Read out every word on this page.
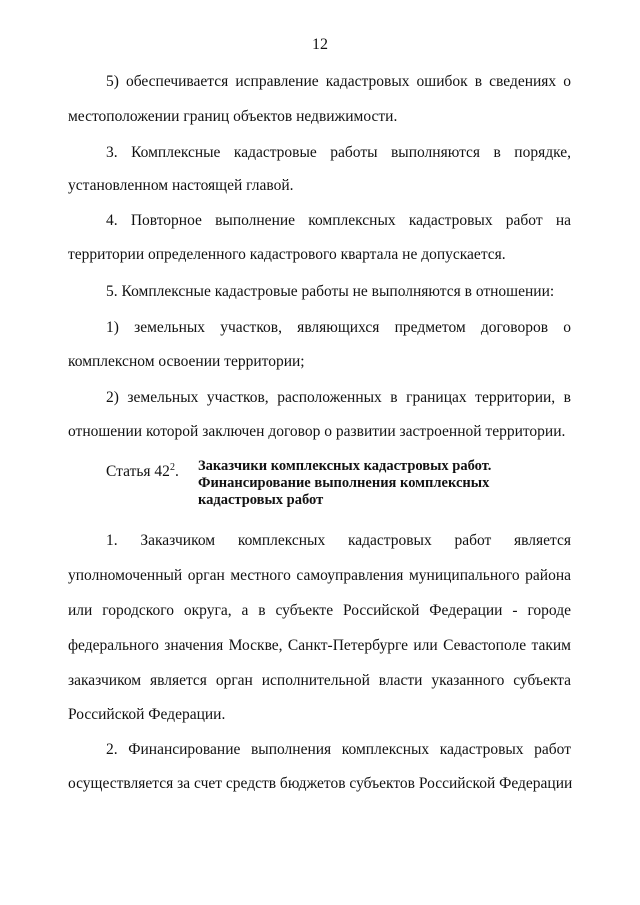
12
5) обеспечивается исправление кадастровых ошибок в сведениях о
местоположении границ объектов недвижимости.
3. Комплексные кадастровые работы выполняются в порядке,
установленном настоящей главой.
4. Повторное выполнение комплексных кадастровых работ на
территории определенного кадастрового квартала не допускается.
5. Комплексные кадастровые работы не выполняются в отношении:
1) земельных участков, являющихся предметом договоров о
комплексном освоении территории;
2) земельных участков, расположенных в границах территории, в
отношении которой заключен договор о развитии застроенной территории.
Статья $42^2$. Заказчики комплексных кадастровых работ.
Финансирование выполнения комплексных
кадастровых работ
1. Заказчиком комплексных кадастровых работ является
уполномоченный орган местного самоуправления муниципального района
или городского округа, а в субъекте Российской Федерации - городе
федерального значения Москве, Санкт-Петербурге или Севастополе таким
заказчиком является орган исполнительной власти указанного субъекта
Российской Федерации.
2. Финансирование выполнения комплексных кадастровых работ
осуществляется за счет средств бюджетов субъектов Российской Федерации
